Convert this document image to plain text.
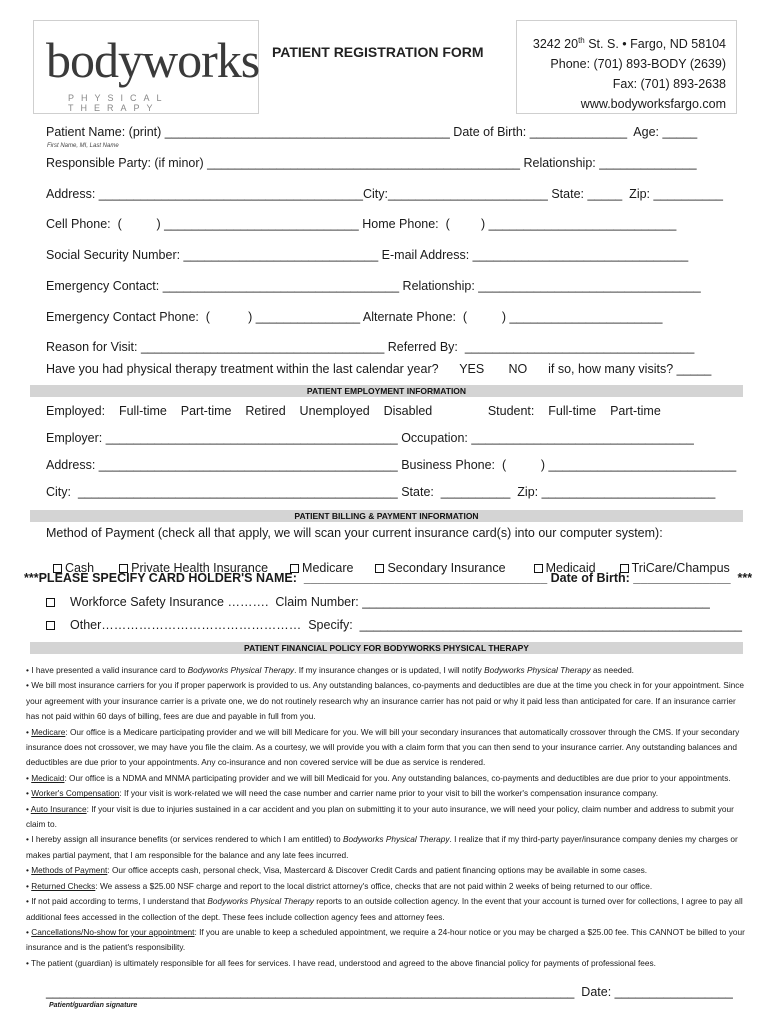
bodyworks
PHYSICAL THERAPY
PATIENT REGISTRATION FORM	3242 20th St. S. • Fargo, ND 58104
Phone: (701) 893-BODY (2639)
Fax: (701) 893-2638
www.bodyworksfargo.com
Patient Name: (print) _________________________________________ Date of Birth: ______________  Age: _____
First Name, MI, Last Name
Responsible Party: (if minor) _____________________________________________ Relationship: ______________
Address: ______________________________________City:_______________________ State: _____  Zip: __________
Cell Phone:  (          ) ____________________________ Home Phone:  (         ) ___________________________
Social Security Number: ____________________________ E-mail Address: _______________________________
Emergency Contact: __________________________________ Relationship: ________________________________
Emergency Contact Phone:  (           ) _______________ Alternate Phone:  (          ) ______________________
Reason for Visit: ___________________________________ Referred By:  _________________________________
Have you had physical therapy treatment within the last calendar year?      YES       NO      if so, how many visits? _____
PATIENT EMPLOYMENT INFORMATION
Employed:    Full-time    Part-time    Retired    Unemployed    Disabled                Student:    Full-time    Part-time
Employer: __________________________________________ Occupation: ________________________________
Address: ___________________________________________ Business Phone:  (          ) ___________________________
City:  ______________________________________________ State:  __________  Zip: _________________________
PATIENT BILLING & PAYMENT INFORMATION
Method of Payment (check all that apply, we will scan your current insurance card(s) into our computer system):

Cash	Private Health Insurance	Medicare	Secondary Insurance	Medicaid	TriCare/Champus

***PLEASE SPECIFY CARD HOLDER'S NAME:  ___________________________________ Date of Birth: ______________  ***
Workforce Safety Insurance ……….  Claim Number: __________________________________________________
Other…………………………………………  Specify:  _______________________________________________________
PATIENT FINANCIAL POLICY FOR BODYWORKS PHYSICAL THERAPY

• I have presented a valid insurance card to Bodyworks Physical Therapy. If my insurance changes or is updated, I will notify Bodyworks Physical Therapy as needed.

• We bill most insurance carriers for you if proper paperwork is provided to us. Any outstanding balances, co-payments and deductibles are due at the time you check in for your appointment. Since your agreement with your insurance carrier is a private one, we do not routinely research why an insurance carrier has not paid or why it paid less than anticipated for care. If an insurance carrier has not paid within 60 days of billing, fees are due and payable in full from you.

• Medicare: Our office is a Medicare participating provider and we will bill Medicare for you. We will bill your secondary insurances that automatically crossover through the CMS. If your secondary insurance does not crossover, we may have you file the claim. As a courtesy, we will provide you with a claim form that you can then send to your insurance carrier. Any outstanding balances and deductibles are due prior to your appointments. Any co-insurance and non covered service will be due as service is rendered.

• Medicaid: Our office is a NDMA and MNMA participating provider and we will bill Medicaid for you. Any outstanding balances, co-payments and deductibles are due prior to your appointments.

• Worker's Compensation: If your visit is work-related we will need the case number and carrier name prior to your visit to bill the worker's compensation insurance company.

• Auto Insurance: If your visit is due to injuries sustained in a car accident and you plan on submitting it to your auto insurance, we will need your policy, claim number and address to submit your claim to.

• I hereby assign all insurance benefits (or services rendered to which I am entitled) to Bodyworks Physical Therapy. I realize that if my third-party payer/insurance company denies my charges or makes partial payment, that I am responsible for the balance and any late fees incurred.

• Methods of Payment: Our office accepts cash, personal check, Visa, Mastercard & Discover Credit Cards and patient financing options may be available in some cases.

• Returned Checks: We assess a $25.00 NSF charge and report to the local district attorney's office, checks that are not paid within 2 weeks of being returned to our office.

• If not paid according to terms, I understand that Bodyworks Physical Therapy reports to an outside collection agency. In the event that your account is turned over for collections, I agree to pay all additional fees accessed in the collection of the dept. These fees include collection agency fees and attorney fees.

• Cancellations/No-show for your appointment: If you are unable to keep a scheduled appointment, we require a 24-hour notice or you may be charged a $25.00 fee. This CANNOT be billed to your insurance and is the patient's responsibility.

• The patient (guardian) is ultimately responsible for all fees for services. I have read, understood and agreed to the above financial policy for payments of professional fees.

____________________________________________________________________________  Date: _________________
Patient/guardian signature
